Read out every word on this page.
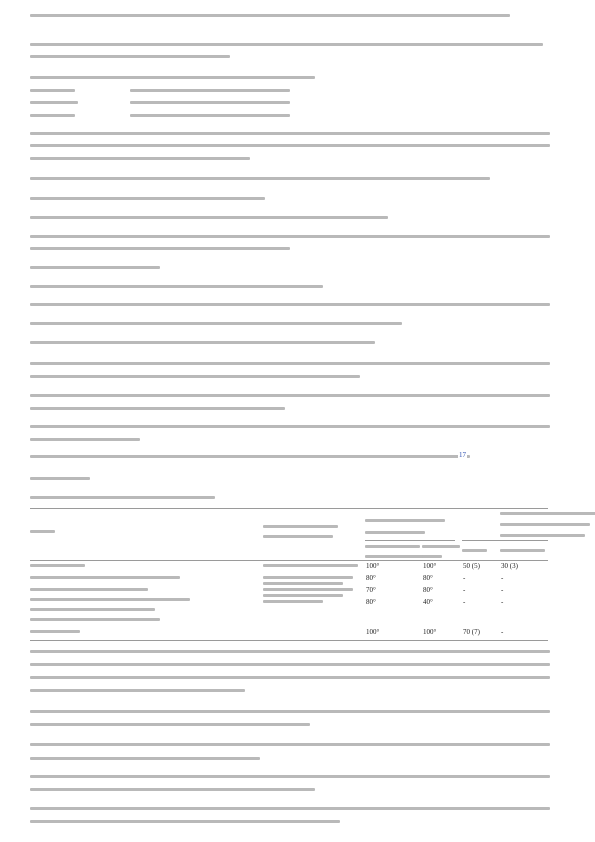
100°	100°	50 (5)	30 (3)
80°	80°	-	-
70°	80°	-	-
80°	40°	-	-
100°	100°	70 (7)	-
17
